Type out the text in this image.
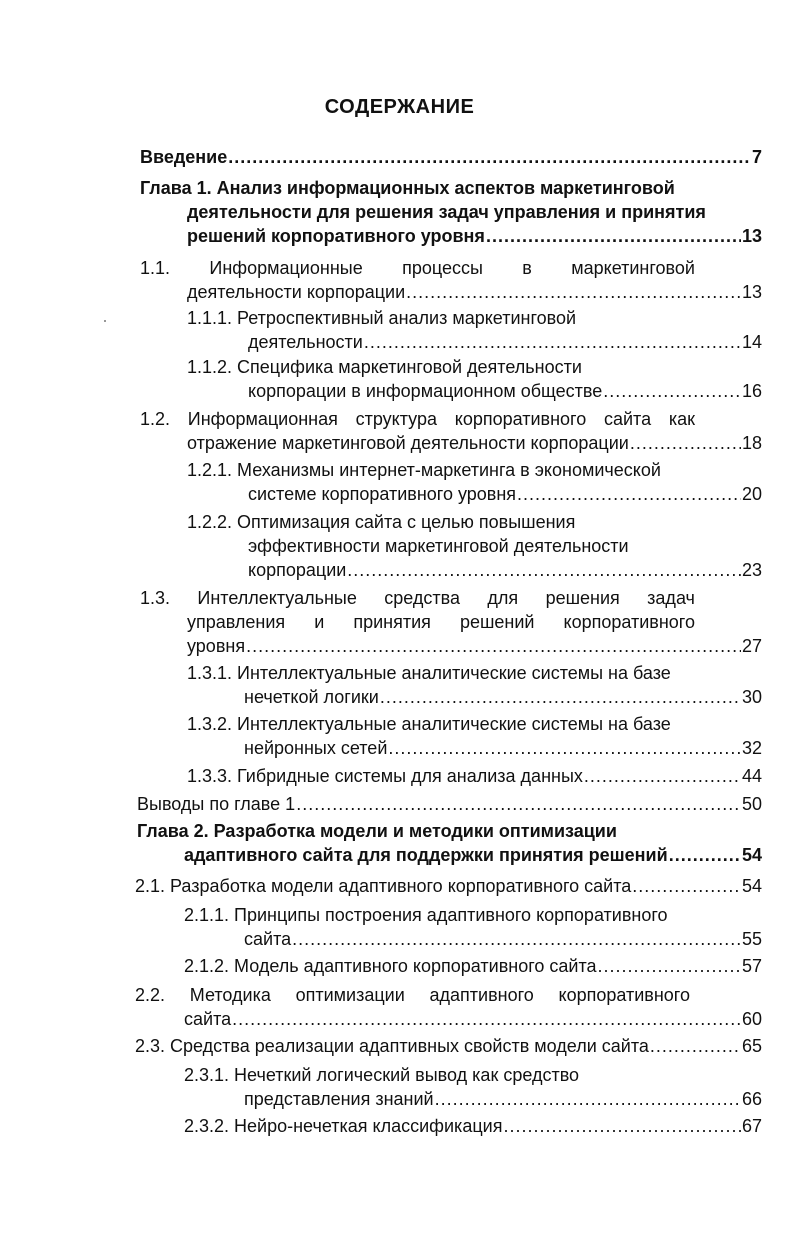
СОДЕРЖАНИЕ
Введение .....	7
Глава 1. Анализ информационных аспектов маркетинговой
деятельности для решения задач управления и принятия
решений корпоративного уровня .....	13
1.1. Информационные процессы в маркетинговой
деятельности корпорации .....	13
1.1.1. Ретроспективный анализ маркетинговой
деятельности .....	14
1.1.2. Специфика маркетинговой деятельности
корпорации в информационном обществе .....	16
1.2. Информационная структура корпоративного сайта как
отражение маркетинговой деятельности корпорации .....	18
1.2.1. Механизмы интернет-маркетинга в экономической
системе корпоративного уровня .....	20
1.2.2. Оптимизация сайта с целью повышения
эффективности маркетинговой деятельности
корпорации .....	23
1.3. Интеллектуальные средства для решения задач
управления и принятия решений корпоративного
уровня .....	27
1.3.1. Интеллектуальные аналитические системы на базе
нечеткой логики .....	30
1.3.2. Интеллектуальные аналитические системы на базе
нейронных сетей .....	32
1.3.3. Гибридные системы для анализа данных .....	44
Выводы по главе 1 .....	50
Глава 2. Разработка модели и методики оптимизации
адаптивного сайта для поддержки принятия решений .....	54
2.1. Разработка модели адаптивного корпоративного сайта .....	54
2.1.1. Принципы построения адаптивного корпоративного
сайта .....	55
2.1.2. Модель адаптивного корпоративного сайта .....	57
2.2. Методика оптимизации адаптивного корпоративного
сайта .....	60
2.3. Средства реализации адаптивных свойств модели сайта .....	65
2.3.1. Нечеткий логический вывод как средство
представления знаний .....	66
2.3.2. Нейро-нечеткая классификация .....	67
